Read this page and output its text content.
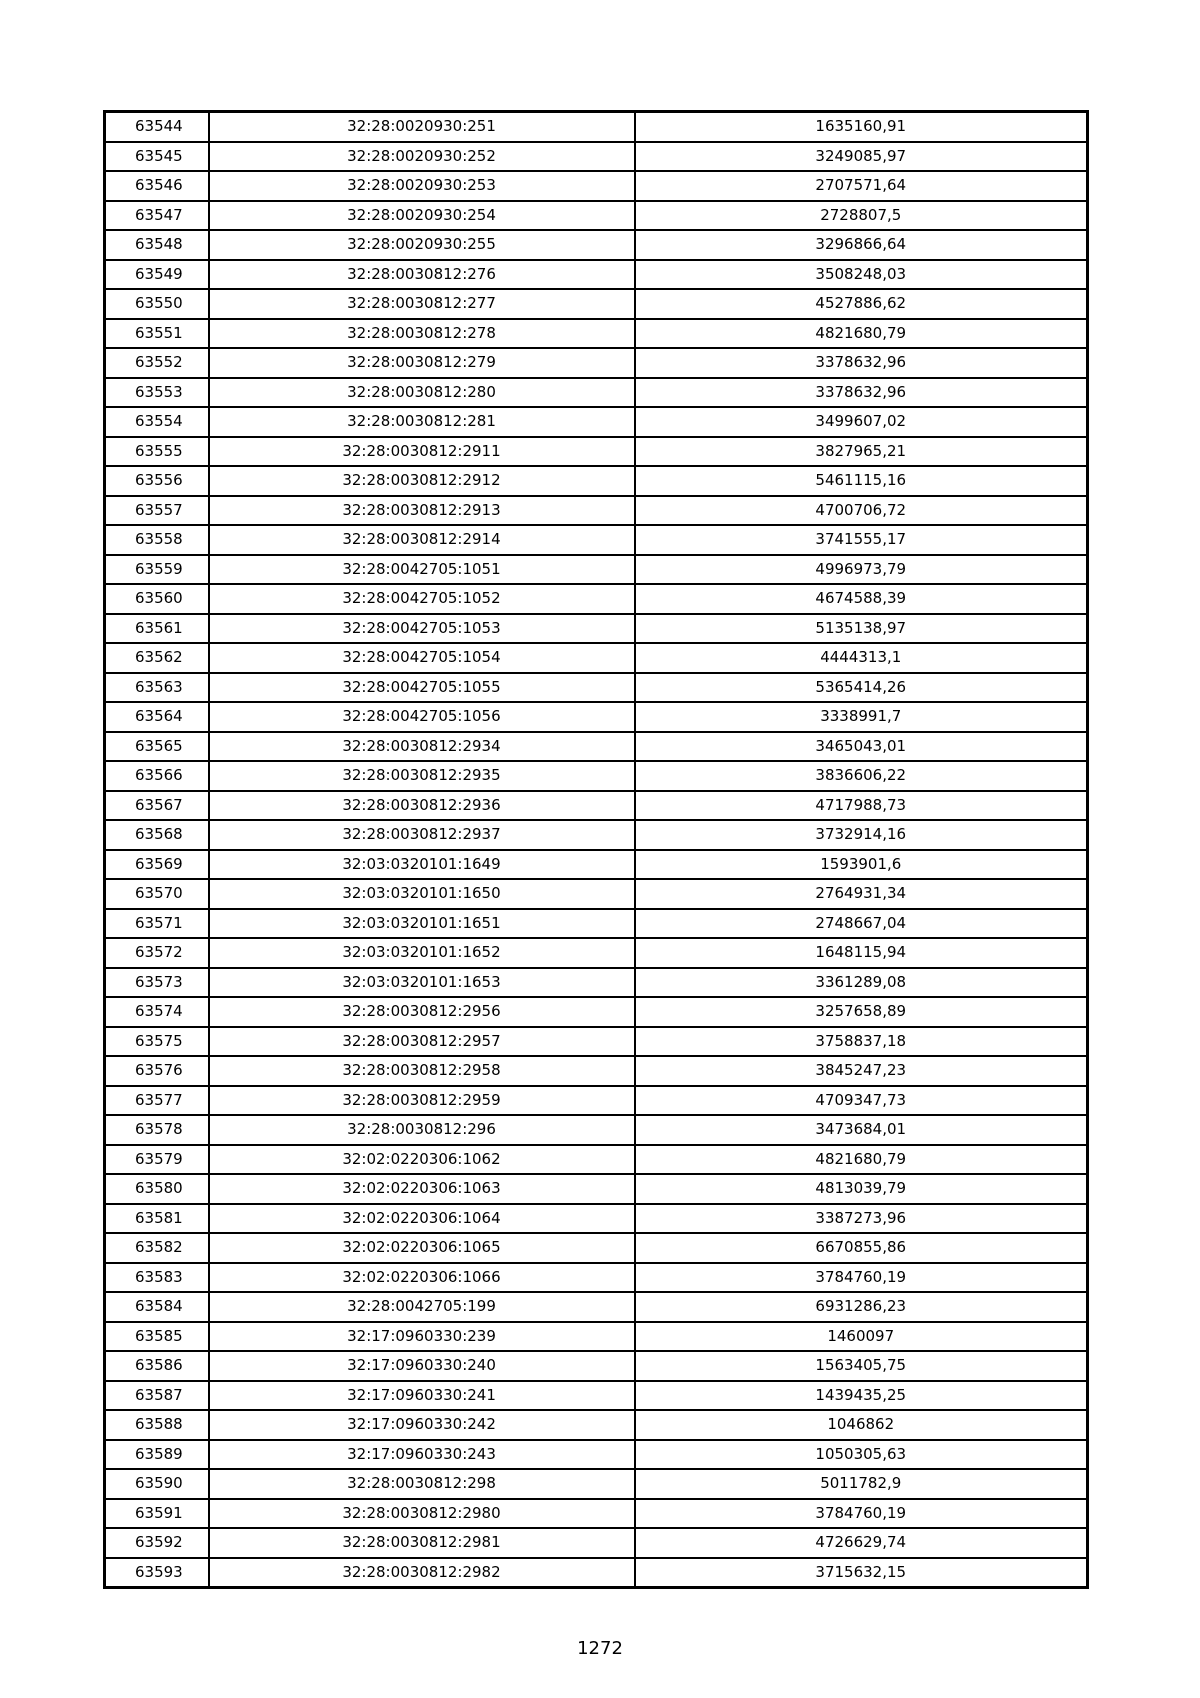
63544	32:28:0020930:251	1635160,91
63545	32:28:0020930:252	3249085,97
63546	32:28:0020930:253	2707571,64
63547	32:28:0020930:254	2728807,5
63548	32:28:0020930:255	3296866,64
63549	32:28:0030812:276	3508248,03
63550	32:28:0030812:277	4527886,62
63551	32:28:0030812:278	4821680,79
63552	32:28:0030812:279	3378632,96
63553	32:28:0030812:280	3378632,96
63554	32:28:0030812:281	3499607,02
63555	32:28:0030812:2911	3827965,21
63556	32:28:0030812:2912	5461115,16
63557	32:28:0030812:2913	4700706,72
63558	32:28:0030812:2914	3741555,17
63559	32:28:0042705:1051	4996973,79
63560	32:28:0042705:1052	4674588,39
63561	32:28:0042705:1053	5135138,97
63562	32:28:0042705:1054	4444313,1
63563	32:28:0042705:1055	5365414,26
63564	32:28:0042705:1056	3338991,7
63565	32:28:0030812:2934	3465043,01
63566	32:28:0030812:2935	3836606,22
63567	32:28:0030812:2936	4717988,73
63568	32:28:0030812:2937	3732914,16
63569	32:03:0320101:1649	1593901,6
63570	32:03:0320101:1650	2764931,34
63571	32:03:0320101:1651	2748667,04
63572	32:03:0320101:1652	1648115,94
63573	32:03:0320101:1653	3361289,08
63574	32:28:0030812:2956	3257658,89
63575	32:28:0030812:2957	3758837,18
63576	32:28:0030812:2958	3845247,23
63577	32:28:0030812:2959	4709347,73
63578	32:28:0030812:296	3473684,01
63579	32:02:0220306:1062	4821680,79
63580	32:02:0220306:1063	4813039,79
63581	32:02:0220306:1064	3387273,96
63582	32:02:0220306:1065	6670855,86
63583	32:02:0220306:1066	3784760,19
63584	32:28:0042705:199	6931286,23
63585	32:17:0960330:239	1460097
63586	32:17:0960330:240	1563405,75
63587	32:17:0960330:241	1439435,25
63588	32:17:0960330:242	1046862
63589	32:17:0960330:243	1050305,63
63590	32:28:0030812:298	5011782,9
63591	32:28:0030812:2980	3784760,19
63592	32:28:0030812:2981	4726629,74
63593	32:28:0030812:2982	3715632,15
1272
